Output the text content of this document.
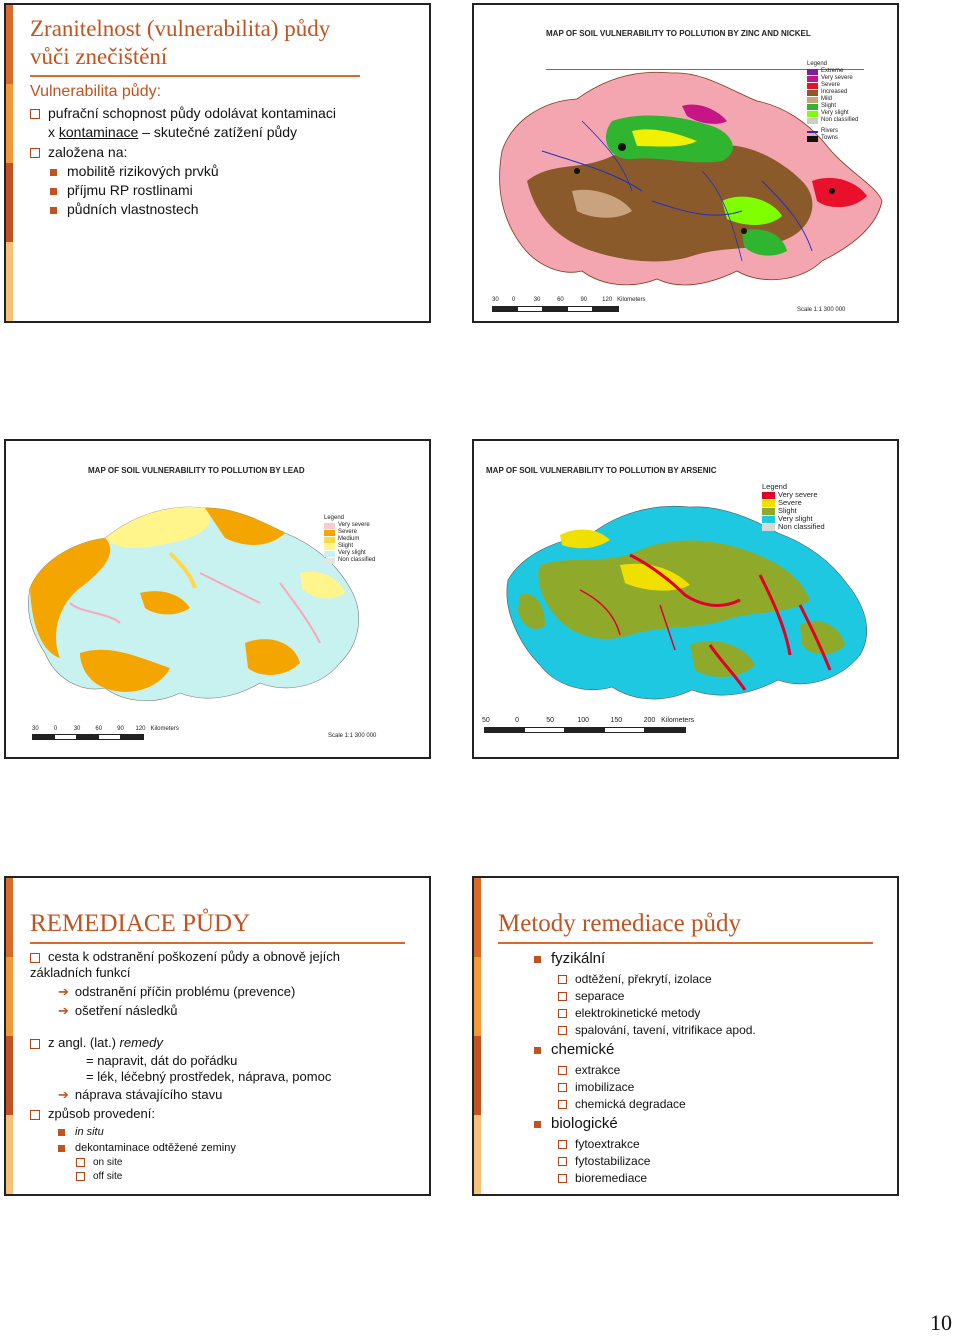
Zranitelnost (vulnerabilita) půdy
vůči znečištění
Vulnerabilita půdy:
pufrační schopnost půdy odolávat kontaminaci
x kontaminace – skutečné zatížení půdy
založena na:
mobilitě rizikových prvků
příjmu RP rostlinami
půdních vlastnostech
MAP OF SOIL VULNERABILITY TO POLLUTION BY ZINC AND NICKEL
Legend
Extreme
Very severe
Severe
Increased
Mild
Slight
Very slight
Non classified
Rivers
Towns
30 0	30	60	90	120 Kilometers
Scale 1:1 300 000
MAP OF SOIL VULNERABILITY TO POLLUTION BY LEAD
Legend
Very severe
Severe
Medium
Slight
Very slight
Non classified
30	0	30	60	90 120 Kilometers
Scale 1:1 300 000
MAP OF SOIL VULNERABILITY TO POLLUTION BY ARSENIC
Legend
Very severe
Severe
Slight
Very slight
Non classified
50	0	50	100	150	200 Kilometers
REMEDIACE PŮDY
cesta k odstranění poškození půdy a obnově jejích
základních funkcí
➔ odstranění příčin problému (prevence)
➔ ošetření následků
z angl. (lat.) remedy
= napravit, dát do pořádku
= lék, léčebný prostředek, náprava, pomoc
➔ náprava stávajícího stavu
způsob provedení:
in situ
dekontaminace odtěžené zeminy
on site
off site
Metody remediace půdy
fyzikální
odtěžení, překrytí, izolace
separace
elektrokinetické metody
spalování, tavení, vitrifikace apod.
chemické
extrakce
imobilizace
chemická degradace
biologické
fytoextrakce
fytostabilizace
bioremediace
10
